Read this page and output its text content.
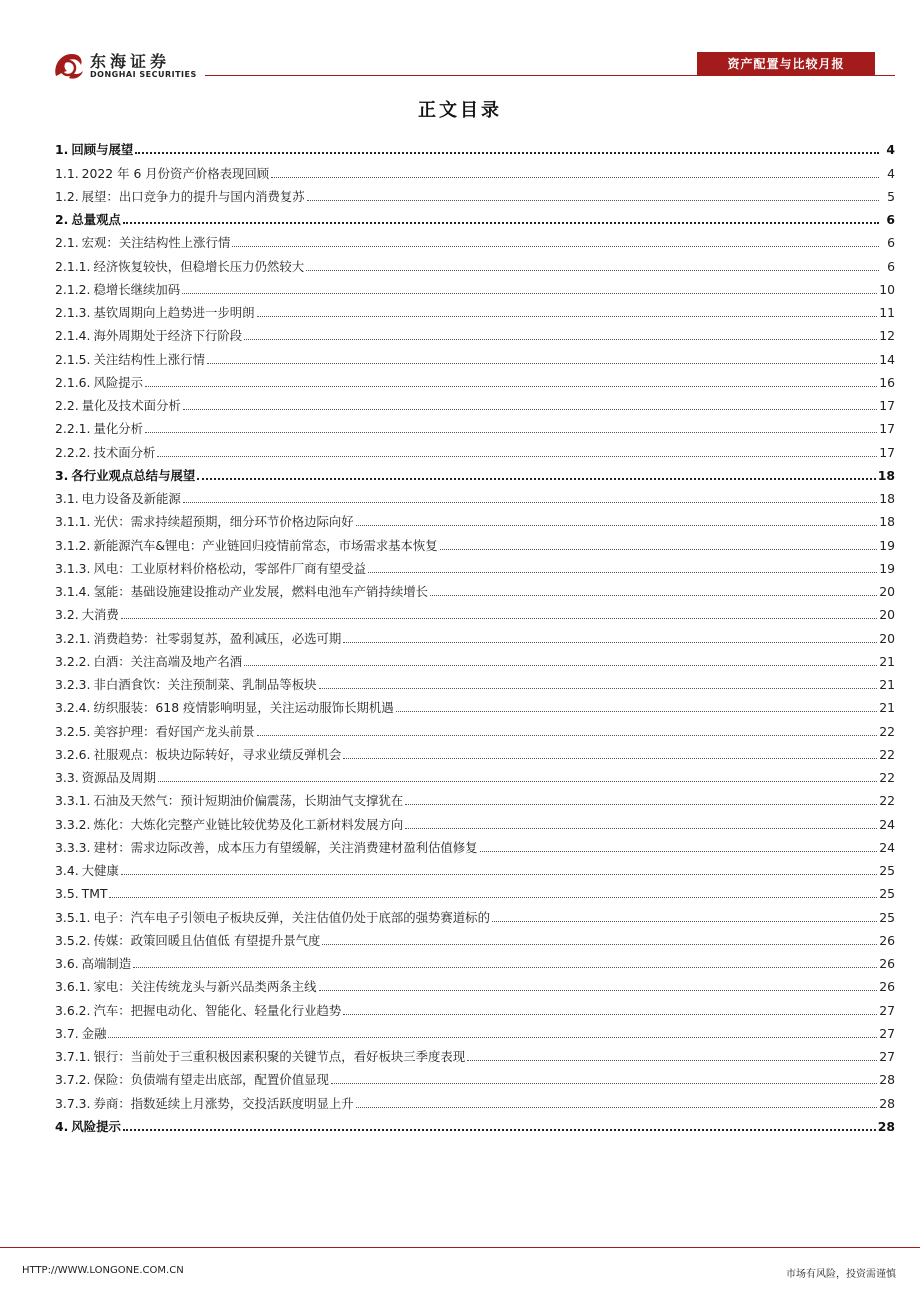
东海证券
DONGHAI SECURITIES
资产配置与比较月报
正文目录
1. 回顾与展望	4
1.1. 2022 年 6 月份资产价格表现回顾	4
1.2. 展望：出口竞争力的提升与国内消费复苏	5
2. 总量观点	6
2.1. 宏观：关注结构性上涨行情	6
2.1.1. 经济恢复较快，但稳增长压力仍然较大	6
2.1.2. 稳增长继续加码	10
2.1.3. 基钦周期向上趋势进一步明朗	11
2.1.4. 海外周期处于经济下行阶段	12
2.1.5. 关注结构性上涨行情	14
2.1.6. 风险提示	16
2.2. 量化及技术面分析	17
2.2.1. 量化分析	17
2.2.2. 技术面分析	17
3. 各行业观点总结与展望	18
3.1. 电力设备及新能源	18
3.1.1. 光伏：需求持续超预期，细分环节价格边际向好	18
3.1.2. 新能源汽车&锂电：产业链回归疫情前常态，市场需求基本恢复	19
3.1.3. 风电：工业原材料价格松动，零部件厂商有望受益	19
3.1.4. 氢能：基础设施建设推动产业发展，燃料电池车产销持续增长	20
3.2. 大消费	20
3.2.1. 消费趋势：社零弱复苏，盈利减压，必选可期	20
3.2.2. 白酒：关注高端及地产名酒	21
3.2.3. 非白酒食饮：关注预制菜、乳制品等板块	21
3.2.4. 纺织服装：618 疫情影响明显，关注运动服饰长期机遇	21
3.2.5. 美容护理：看好国产龙头前景	22
3.2.6. 社服观点：板块边际转好，寻求业绩反弹机会	22
3.3. 资源品及周期	22
3.3.1. 石油及天然气：预计短期油价偏震荡，长期油气支撑犹在	22
3.3.2. 炼化：大炼化完整产业链比较优势及化工新材料发展方向	24
3.3.3. 建材：需求边际改善，成本压力有望缓解，关注消费建材盈利估值修复	24
3.4. 大健康	25
3.5. TMT	25
3.5.1. 电子：汽车电子引领电子板块反弹，关注估值仍处于底部的强势赛道标的	25
3.5.2. 传媒：政策回暖且估值低 有望提升景气度	26
3.6. 高端制造	26
3.6.1. 家电：关注传统龙头与新兴品类两条主线	26
3.6.2. 汽车：把握电动化、智能化、轻量化行业趋势	27
3.7. 金融	27
3.7.1. 银行：当前处于三重积极因素积聚的关键节点，看好板块三季度表现	27
3.7.2. 保险：负债端有望走出底部，配置价值显现	28
3.7.3. 券商：指数延续上月涨势，交投活跃度明显上升	28
4. 风险提示	28
HTTP://WWW.LONGONE.COM.CN	市场有风险，投资需谨慎
